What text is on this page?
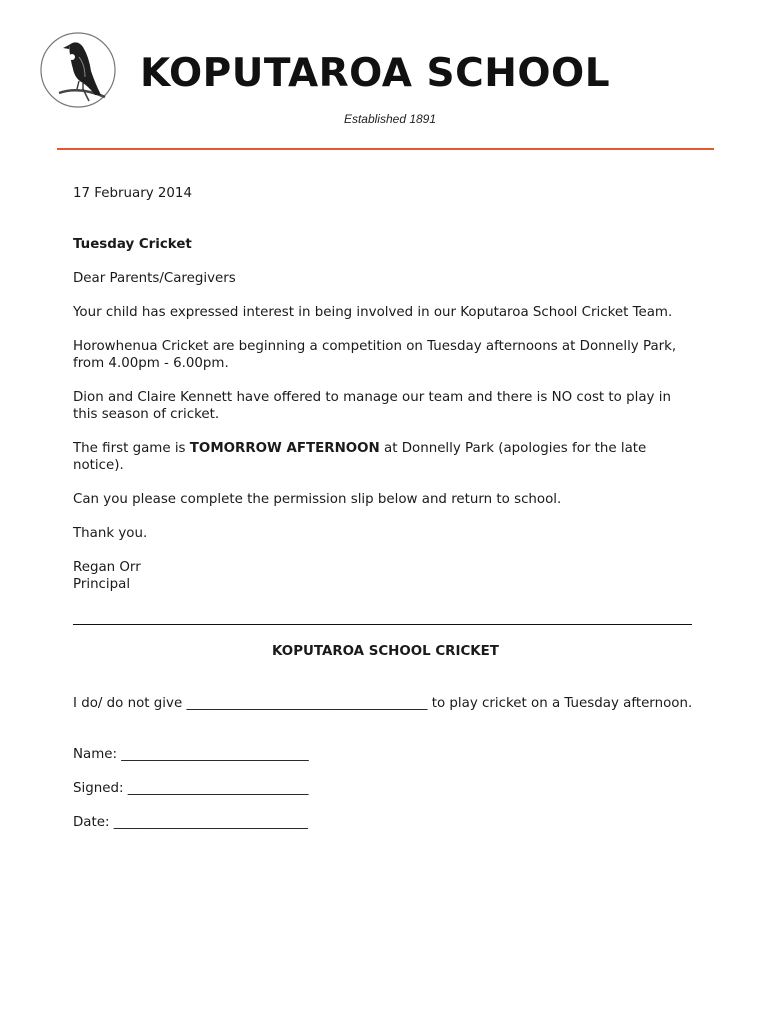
KOPUTAROA SCHOOL
Established 1891
17 February 2014
Tuesday Cricket
Dear Parents/Caregivers
Your child has expressed interest in being involved in our Koputaroa School Cricket Team.
Horowhenua Cricket are beginning a competition on Tuesday afternoons at Donnelly Park, from 4.00pm - 6.00pm.
Dion and Claire Kennett have offered to manage our team and there is NO cost to play in this season of cricket.
The first game is TOMORROW AFTERNOON at Donnelly Park (apologies for the late notice).
Can you please complete the permission slip below and return to school.
Thank you.
Regan Orr
Principal
KOPUTAROA SCHOOL CRICKET
I do/ do not give ____________________________________ to play cricket on a Tuesday afternoon.
Name: ____________________________
Signed: ___________________________
Date: _____________________________
